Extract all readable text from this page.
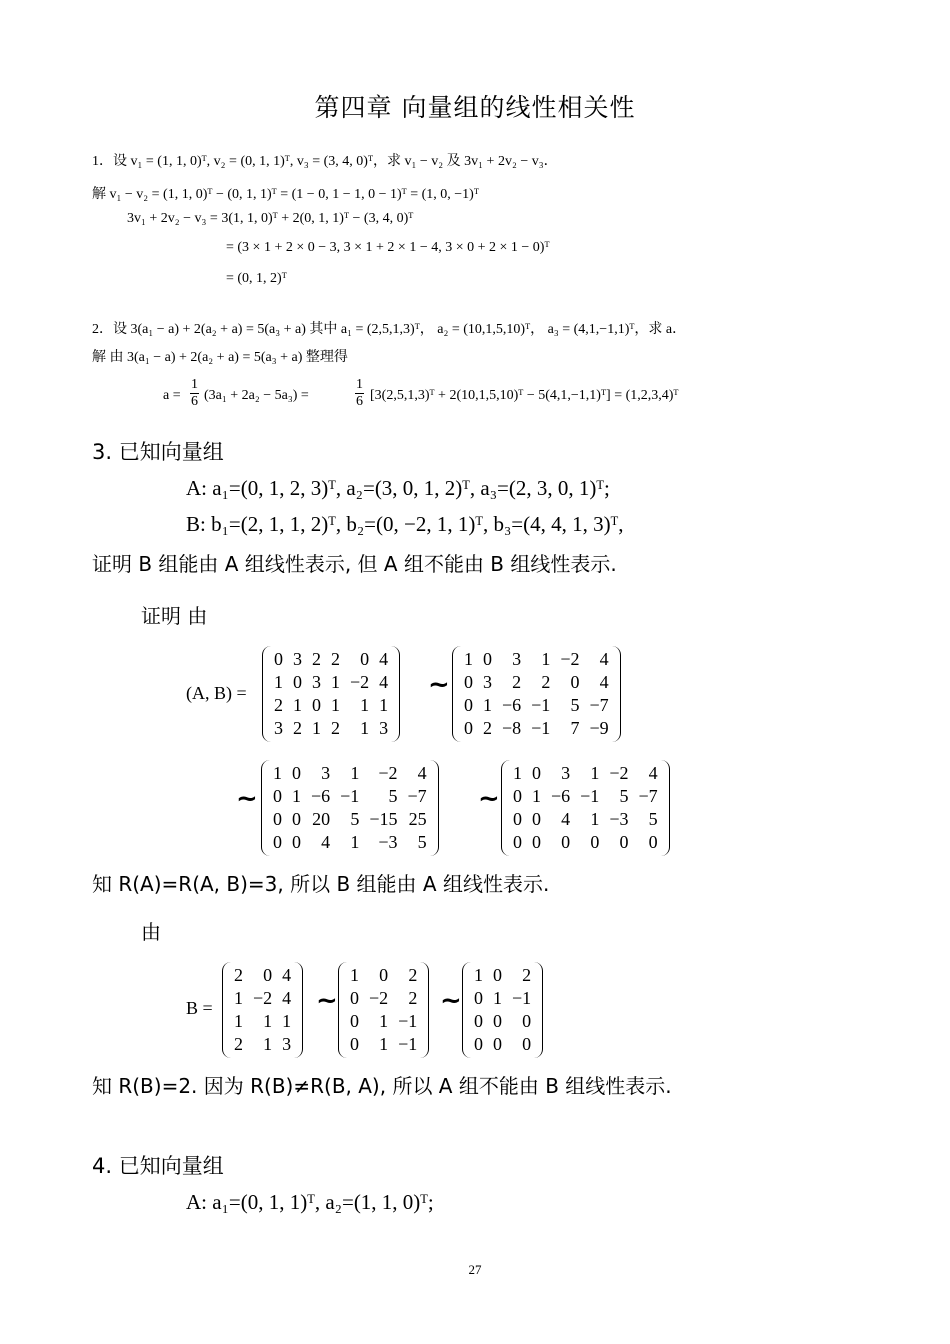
第四章 向量组的线性相关性
1．设 v₁ = (1, 1, 0)ᵀ, v₂ = (0, 1, 1)ᵀ, v₃ = (3, 4, 0)ᵀ，求 v₁ − v₂ 及 3v₁ + 2v₂ − v₃．
解 v₁ − v₂ = (1, 1, 0)ᵀ − (0, 1, 1)ᵀ = (1 − 0, 1 − 1, 0 − 1)ᵀ = (1, 0, −1)ᵀ
3v₁ + 2v₂ − v₃ = 3(1, 1, 0)ᵀ + 2(0, 1, 1)ᵀ − (3, 4, 0)ᵀ
= (3 × 1 + 2 × 0 − 3, 3 × 1 + 2 × 1 − 4, 3 × 0 + 2 × 1 − 0)ᵀ
= (0, 1, 2)ᵀ
2．设 3(a₁ − a) + 2(a₂ + a) = 5(a₃ + a) 其中 a₁ = (2,5,1,3)ᵀ， a₂ = (10,1,5,10)ᵀ， a₃ = (4,1,−1,1)ᵀ，求 a．
解 由 3(a₁ − a) + 2(a₂ + a) = 5(a₃ + a) 整理得
$a = \frac{1}{6} (3a_1 + 2a_2 - 5a_3)$ =	$\frac{1}{6}$ [3(2,5,1,3)ᵀ + 2(10,1,5,10)ᵀ − 5(4,1,−1,1)ᵀ] = (1,2,3,4)ᵀ
3. 已知向量组
A: a₁=(0, 1, 2, 3)ᵀ, a₂=(3, 0, 1, 2)ᵀ, a₃=(2, 3, 0, 1)ᵀ;
B: b₁=(2, 1, 1, 2)ᵀ, b₂=(0, −2, 1, 1)ᵀ, b₃=(4, 4, 1, 3)ᵀ,
证明 B 组能由 A 组线性表示, 但 A 组不能由 B 组线性表示.
证明 由
(A, B) =
0	3	2	2	0	4
1	0	3	1	−2	4
2	1	0	1	1	1
3	2	1	2	1	3
~
1	0	3	1	−2	4
0	3	2	2	0	4
0	1	−6	−1	5	−7
0	2	−8	−1	7	−9
~
1	0	3	1	−2	4
0	1	−6	−1	5	−7
0	0	20	5	−15	25
0	0	4	1	−3	5
~
1	0	3	1	−2	4
0	1	−6	−1	5	−7
0	0	4	1	−3	5
0	0	0	0	0	0
知 R(A)=R(A, B)=3, 所以 B 组能由 A 组线性表示.
由
B =
2	0	4
1	−2	4
1	1	1
2	1	3
~
1	0	2
0	−2	2
0	1	−1
0	1	−1
~
1	0	2
0	1	−1
0	0	0
0	0	0
知 R(B)=2. 因为 R(B)≠R(B, A), 所以 A 组不能由 B 组线性表示.
4. 已知向量组
A: a₁=(0, 1, 1)ᵀ, a₂=(1, 1, 0)ᵀ;
27
